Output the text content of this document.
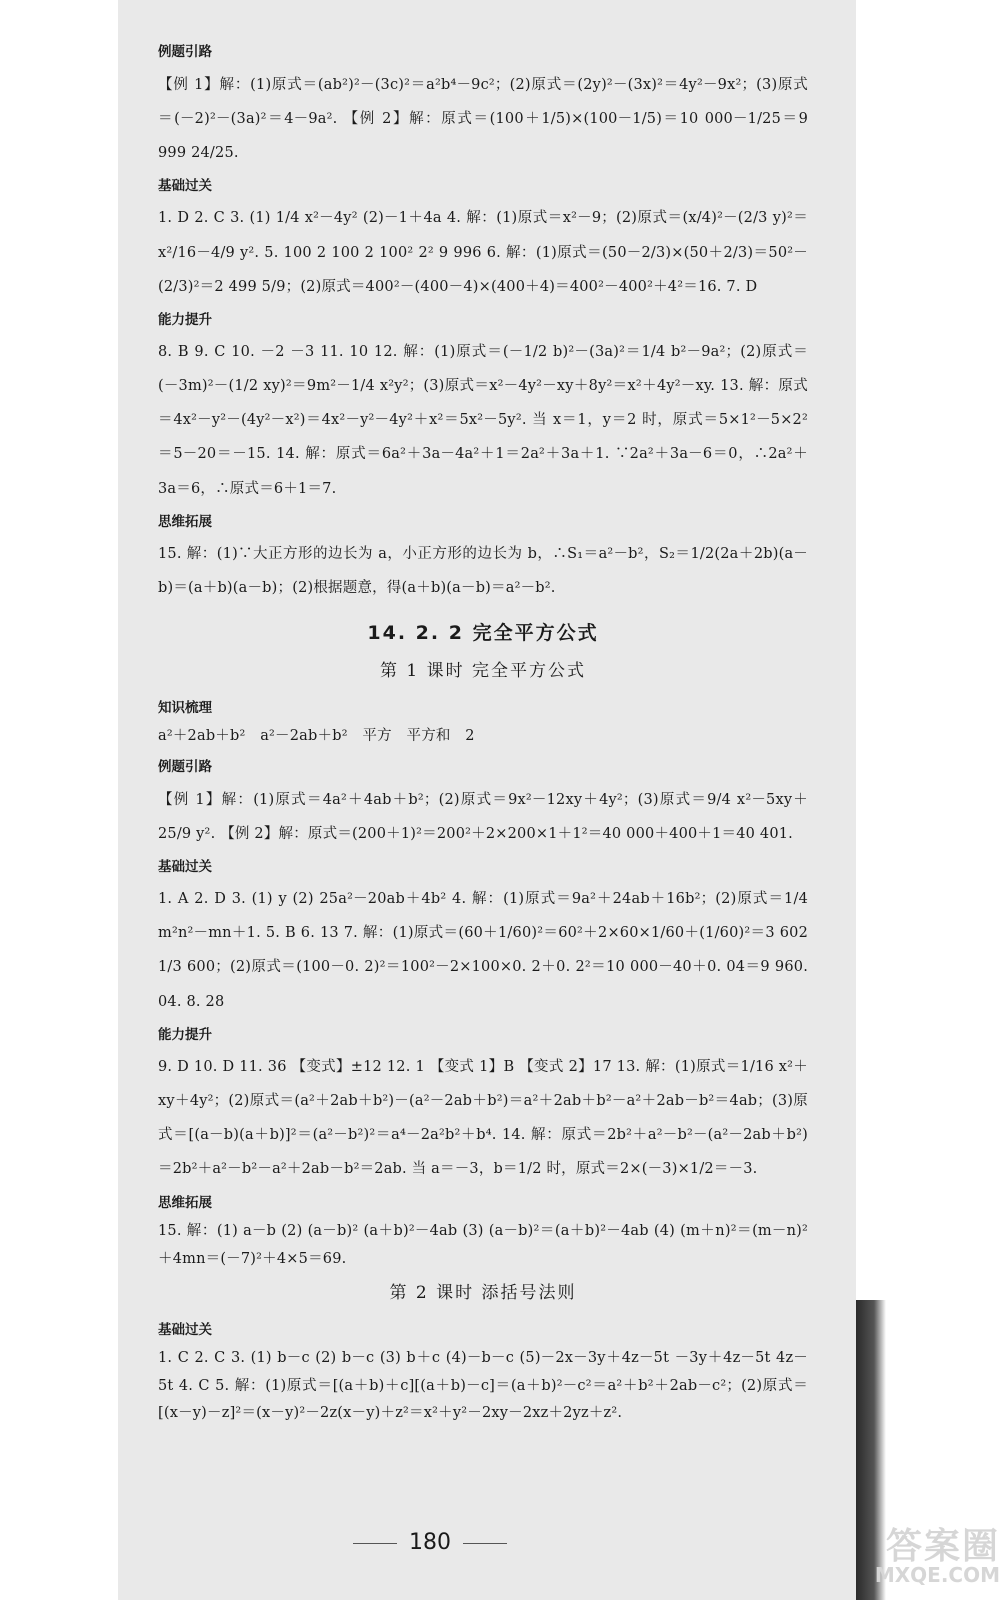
例题引路
【例 1】解：(1)原式＝(ab²)²－(3c)²＝a²b⁴－9c²；(2)原式＝(2y)²－(3x)²＝4y²－9x²；(3)原式＝(－2)²－(3a)²＝4－9a². 【例 2】解：原式＝(100＋1/5)×(100－1/5)＝10 000－1/25＝9 999 24/25.
基础过关
1. D 2. C 3. (1) 1/4 x²－4y² (2)－1＋4a 4. 解：(1)原式＝x²－9；(2)原式＝(x/4)²－(2/3 y)²＝x²/16－4/9 y². 5. 100 2 100 2 100² 2² 9 996 6. 解：(1)原式＝(50－2/3)×(50＋2/3)＝50²－(2/3)²＝2 499 5/9；(2)原式＝400²－(400－4)×(400＋4)＝400²－400²＋4²＝16. 7. D
能力提升
8. B 9. C 10. －2 －3 11. 10 12. 解：(1)原式＝(－1/2 b)²－(3a)²＝1/4 b²－9a²；(2)原式＝(－3m)²－(1/2 xy)²＝9m²－1/4 x²y²；(3)原式＝x²－4y²－xy＋8y²＝x²＋4y²－xy. 13. 解：原式＝4x²－y²－(4y²－x²)＝4x²－y²－4y²＋x²＝5x²－5y². 当 x＝1，y＝2 时，原式＝5×1²－5×2²＝5－20＝－15. 14. 解：原式＝6a²＋3a－4a²＋1＝2a²＋3a＋1. ∵2a²＋3a－6＝0，∴2a²＋3a＝6，∴原式＝6＋1＝7.
思维拓展
15. 解：(1)∵大正方形的边长为 a，小正方形的边长为 b，∴S₁＝a²－b²，S₂＝1/2(2a＋2b)(a－b)＝(a＋b)(a－b)；(2)根据题意，得(a＋b)(a－b)＝a²－b².
14. 2. 2 完全平方公式
第 1 课时 完全平方公式
知识梳理
a²＋2ab＋b²　a²－2ab＋b²　平方　平方和　2
例题引路
【例 1】解：(1)原式＝4a²＋4ab＋b²；(2)原式＝9x²－12xy＋4y²；(3)原式＝9/4 x²－5xy＋25/9 y². 【例 2】解：原式＝(200＋1)²＝200²＋2×200×1＋1²＝40 000＋400＋1＝40 401.
基础过关
1. A 2. D 3. (1) y (2) 25a²－20ab＋4b² 4. 解：(1)原式＝9a²＋24ab＋16b²；(2)原式＝1/4 m²n²－mn＋1. 5. B 6. 13 7. 解：(1)原式＝(60＋1/60)²＝60²＋2×60×1/60＋(1/60)²＝3 602 1/3 600；(2)原式＝(100－0. 2)²＝100²－2×100×0. 2＋0. 2²＝10 000－40＋0. 04＝9 960. 04. 8. 28
能力提升
9. D 10. D 11. 36 【变式】±12 12. 1 【变式 1】B 【变式 2】17 13. 解：(1)原式＝1/16 x²＋xy＋4y²；(2)原式＝(a²＋2ab＋b²)－(a²－2ab＋b²)＝a²＋2ab＋b²－a²＋2ab－b²＝4ab；(3)原式＝[(a－b)(a＋b)]²＝(a²－b²)²＝a⁴－2a²b²＋b⁴. 14. 解：原式＝2b²＋a²－b²－(a²－2ab＋b²)＝2b²＋a²－b²－a²＋2ab－b²＝2ab. 当 a＝－3，b＝1/2 时，原式＝2×(－3)×1/2＝－3.
思维拓展
15. 解：(1) a－b (2) (a－b)² (a＋b)²－4ab (3) (a－b)²＝(a＋b)²－4ab (4) (m＋n)²＝(m－n)²＋4mn＝(－7)²＋4×5＝69.
第 2 课时 添括号法则
基础过关
1. C 2. C 3. (1) b－c (2) b－c (3) b＋c (4)－b－c (5)－2x－3y＋4z－5t －3y＋4z－5t 4z－5t 4. C 5. 解：(1)原式＝[(a＋b)＋c][(a＋b)－c]＝(a＋b)²－c²＝a²＋b²＋2ab－c²；(2)原式＝[(x－y)－z]²＝(x－y)²－2z(x－y)＋z²＝x²＋y²－2xy－2xz＋2yz＋z².
180	答案圈
MXQE.COM
